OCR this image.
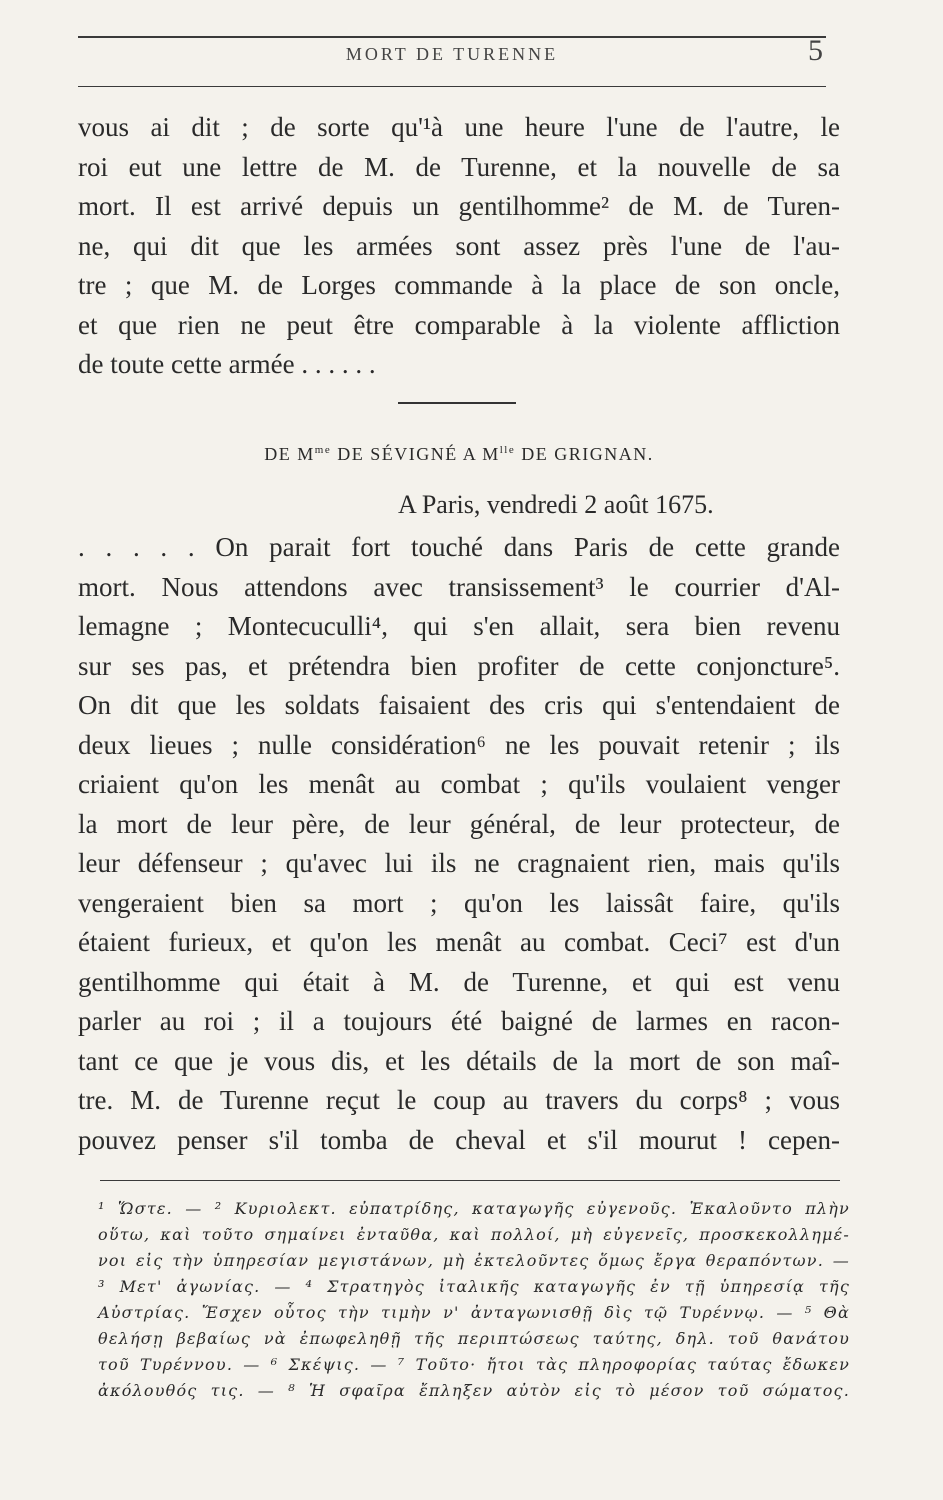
MORT DE TURENNE	5
vous ai dit ; de sorte qu'¹à une heure l'une de l'autre, le
roi eut une lettre de M. de Turenne, et la nouvelle de sa
mort. Il est arrivé depuis un gentilhomme² de M. de Turen-
ne, qui dit que les armées sont assez près l'une de l'au-
tre ; que M. de Lorges commande à la place de son oncle,
et que rien ne peut être comparable à la violente affliction
de toute cette armée . . . . . .
DE $M^{me}$ DE SÉVIGNÉ A $M^{lle}$ DE GRIGNAN.
A Paris, vendredi 2 août 1675.
. . . . . On parait fort touché dans Paris de cette grande
mort. Nous attendons avec transissement³ le courrier d'Al-
lemagne ; Montecuculli⁴, qui s'en allait, sera bien revenu
sur ses pas, et prétendra bien profiter de cette conjoncture⁵.
On dit que les soldats faisaient des cris qui s'entendaient de
deux lieues ; nulle considération⁶ ne les pouvait retenir ; ils
criaient qu'on les menât au combat ; qu'ils voulaient venger
la mort de leur père, de leur général, de leur protecteur, de
leur défenseur ; qu'avec lui ils ne cragnaient rien, mais qu'ils
vengeraient bien sa mort ; qu'on les laissât faire, qu'ils
étaient furieux, et qu'on les menât au combat. Ceci⁷ est d'un
gentilhomme qui était à M. de Turenne, et qui est venu
parler au roi ; il a toujours été baigné de larmes en racon-
tant ce que je vous dis, et les détails de la mort de son maî-
tre. M. de Turenne reçut le coup au travers du corps⁸ ; vous
pouvez penser s'il tomba de cheval et s'il mourut ! cepen-
¹ Ὥστε. — ² Κυριολεκτ. εὐπατρίδης, καταγωγῆς εὐγενοῦς. Ἐκαλοῦντο πλὴν
οὕτω, καὶ τοῦτο σημαίνει ἐνταῦθα, καὶ πολλοί, μὴ εὐγενεῖς, προσκεκολλημέ-
νοι εἰς τὴν ὑπηρεσίαν μεγιστάνων, μὴ ἐκτελοῦντες ὅμως ἔργα θεραπόντων. —
³ Μετ' ἀγωνίας. — ⁴ Στρατηγὸς ἰταλικῆς καταγωγῆς ἐν τῇ ὑπηρεσίᾳ τῆς
Αὐστρίας. Ἔσχεν οὗτος τὴν τιμὴν ν' ἀνταγωνισθῇ δὶς τῷ Τυρέννῳ. — ⁵ Θὰ
θελήσῃ βεβαίως νὰ ἐπωφεληθῇ τῆς περιπτώσεως ταύτης, δηλ. τοῦ θανάτου
τοῦ Τυρέννου. — ⁶ Σκέψις. — ⁷ Τοῦτο· ἤτοι τὰς πληροφορίας ταύτας ἔδωκεν
ἀκόλουθός τις. — ⁸ Ἡ σφαῖρα ἔπληξεν αὐτὸν εἰς τὸ μέσον τοῦ σώματος.
